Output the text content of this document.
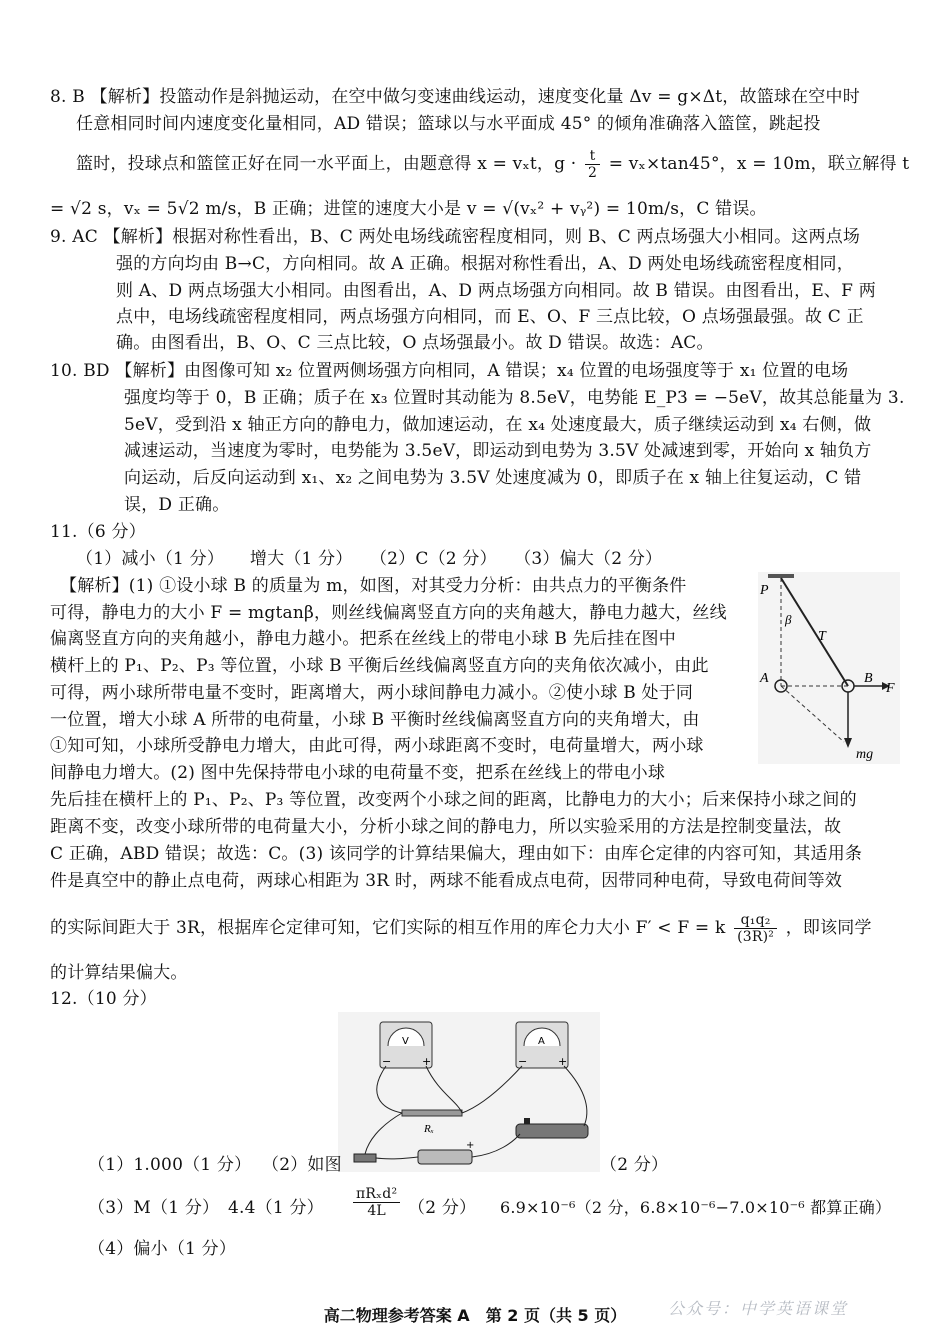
8. B 【解析】投篮动作是斜抛运动，在空中做匀变速曲线运动，速度变化量 Δv = g×Δt，故篮球在空中时
任意相同时间内速度变化量相同，AD 错误；篮球以与水平面成 45° 的倾角准确落入篮筐，跳起投
篮时，投球点和篮筐正好在同一水平面上，由题意得 x = vₓt，$g \cdot \frac{t}{2} = v_x\times\tan 45^\circ$，x = 10m，联立解得 t
= √2 s，vₓ = 5√2 m/s，B 正确；进筐的速度大小是 v = √(vₓ² + vᵧ²) = 10m/s，C 错误。
9. AC 【解析】根据对称性看出，B、C 两处电场线疏密程度相同，则 B、C 两点场强大小相同。这两点场
强的方向均由 B→C，方向相同。故 A 正确。根据对称性看出，A、D 两处电场线疏密程度相同，
则 A、D 两点场强大小相同。由图看出，A、D 两点场强方向相同。故 B 错误。由图看出，E、F 两
点中，电场线疏密程度相同，两点场强方向相同，而 E、O、F 三点比较，O 点场强最强。故 C 正
确。由图看出，B、O、C 三点比较，O 点场强最小。故 D 错误。故选：AC。
10. BD 【解析】由图像可知 x₂ 位置两侧场强方向相同，A 错误；x₄ 位置的电场强度等于 x₁ 位置的电场
强度均等于 0，B 正确；质子在 x₃ 位置时其动能为 8.5eV，电势能 E_P3 = −5eV，故其总能量为 3.
5eV，受到沿 x 轴正方向的静电力，做加速运动，在 x₄ 处速度最大，质子继续运动到 x₄ 右侧，做
减速运动，当速度为零时，电势能为 3.5eV，即运动到电势为 3.5V 处减速到零，开始向 x 轴负方
向运动，后反向运动到 x₁、x₂ 之间电势为 3.5V 处速度减为 0，即质子在 x 轴上往复运动，C 错
误，D 正确。
11.（6 分）
（1）减小（1 分）　　增大（1 分）　　（2）C（2 分）　　（3）偏大（2 分）
【解析】(1) ①设小球 B 的质量为 m，如图，对其受力分析：由共点力的平衡条件
可得，静电力的大小 F = mgtanβ，则丝线偏离竖直方向的夹角越大，静电力越大，丝线
偏离竖直方向的夹角越小，静电力越小。把系在丝线上的带电小球 B 先后挂在图中
横杆上的 P₁、P₂、P₃ 等位置，小球 B 平衡后丝线偏离竖直方向的夹角依次减小，由此
可得，两小球所带电量不变时，距离增大，两小球间静电力减小。②使小球 B 处于同
一位置，增大小球 A 所带的电荷量，小球 B 平衡时丝线偏离竖直方向的夹角增大，由
①知可知，小球所受静电力增大，由此可得，两小球距离不变时，电荷量增大，两小球
间静电力增大。(2) 图中先保持带电小球的电荷量不变，把系在丝线上的带电小球
先后挂在横杆上的 P₁、P₂、P₃ 等位置，改变两个小球之间的距离，比静电力的大小；后来保持小球之间的
距离不变，改变小球所带的电荷量大小，分析小球之间的静电力，所以实验采用的方法是控制变量法，故
C 正确，ABD 错误；故选：C。(3) 该同学的计算结果偏大，理由如下：由库仑定律的内容可知，其适用条
件是真空中的静止点电荷，两球心相距为 3R 时，两球不能看成点电荷，因带同种电荷，导致电荷间等效
的实际间距大于 3R，根据库仑定律可知，它们实际的相互作用的库仑力大小 F′ < F = k $\frac{\text{q₁q₂}}{\text{(3R)²}}$ ，即该同学
的计算结果偏大。
P
β
T
A	B
F
mg
12.（10 分）
V
−	+
A
−	+
Rₓ
+
（1）1.000（1 分） （2）如图	（2 分）
（3）M（1 分） 4.4（1 分） $\frac{\text{πRₓd²}}{4L} (2$ 分） 6.9×10⁻⁶（2 分，6.8×10⁻⁶−7.0×10⁻⁶ 都算正确）
（4）偏小（1 分）
高二物理参考答案 A　第 2 页（共 5 页）	公众号：中学英语课堂
